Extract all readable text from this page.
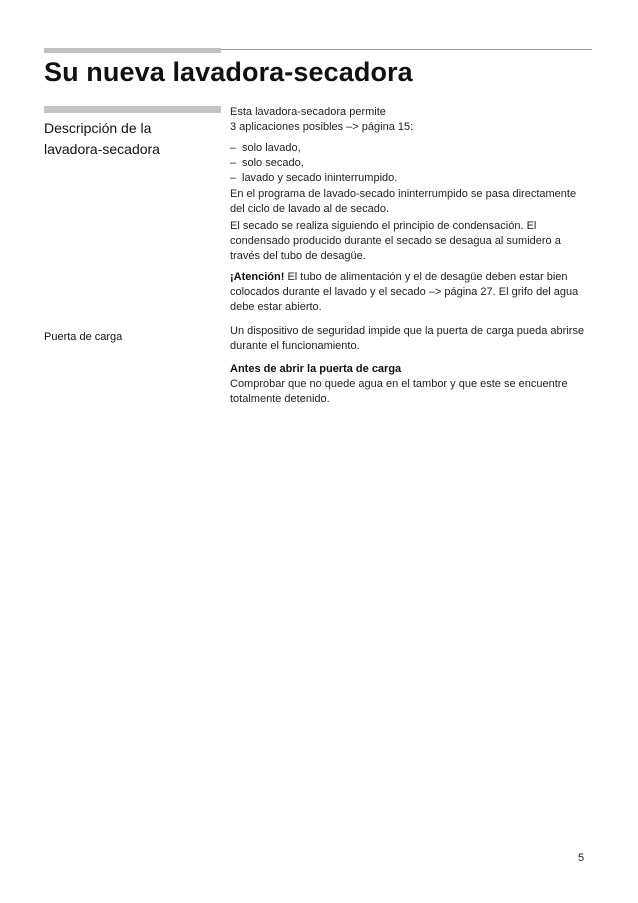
Su nueva lavadora-secadora
Descripción de la
lavadora-secadora

Esta lavadora-secadora permite

3 aplicaciones posibles –> página 15:

– solo lavado,
– solo secado,
– lavado y secado ininterrumpido.

En el programa de lavado-secado ininterrumpido se pasa directamente

del ciclo de lavado al de secado.

El secado se realiza siguiendo el principio de condensación. El

condensado producido durante el secado se desagua al sumidero a

través del tubo de desagüe.

¡Atención! El tubo de alimentación y el de desagüe deben estar bien

colocados durante el lavado y el secado –> página 27. El grifo del agua

debe estar abierto.

Puerta de carga	Un dispositivo de seguridad impide que la puerta de carga pueda abrirse

durante el funcionamiento.

Antes de abrir la puerta de carga

Comprobar que no quede agua en el tambor y que este se encuentre

totalmente detenido.

5
